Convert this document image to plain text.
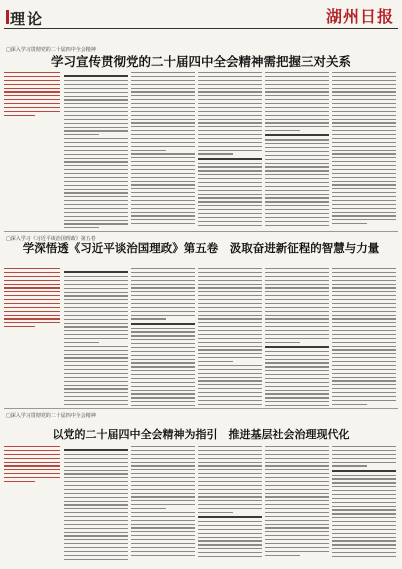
理论	湖州日报
□深入学习贯彻党的二十届四中全会精神
学习宣传贯彻党的二十届四中全会精神需把握三对关系
□深入学习《习近平谈治国理政》第五卷
学深悟透《习近平谈治国理政》第五卷　汲取奋进新征程的智慧与力量
□深入学习贯彻党的二十届四中全会精神
以党的二十届四中全会精神为指引　推进基层社会治理现代化
